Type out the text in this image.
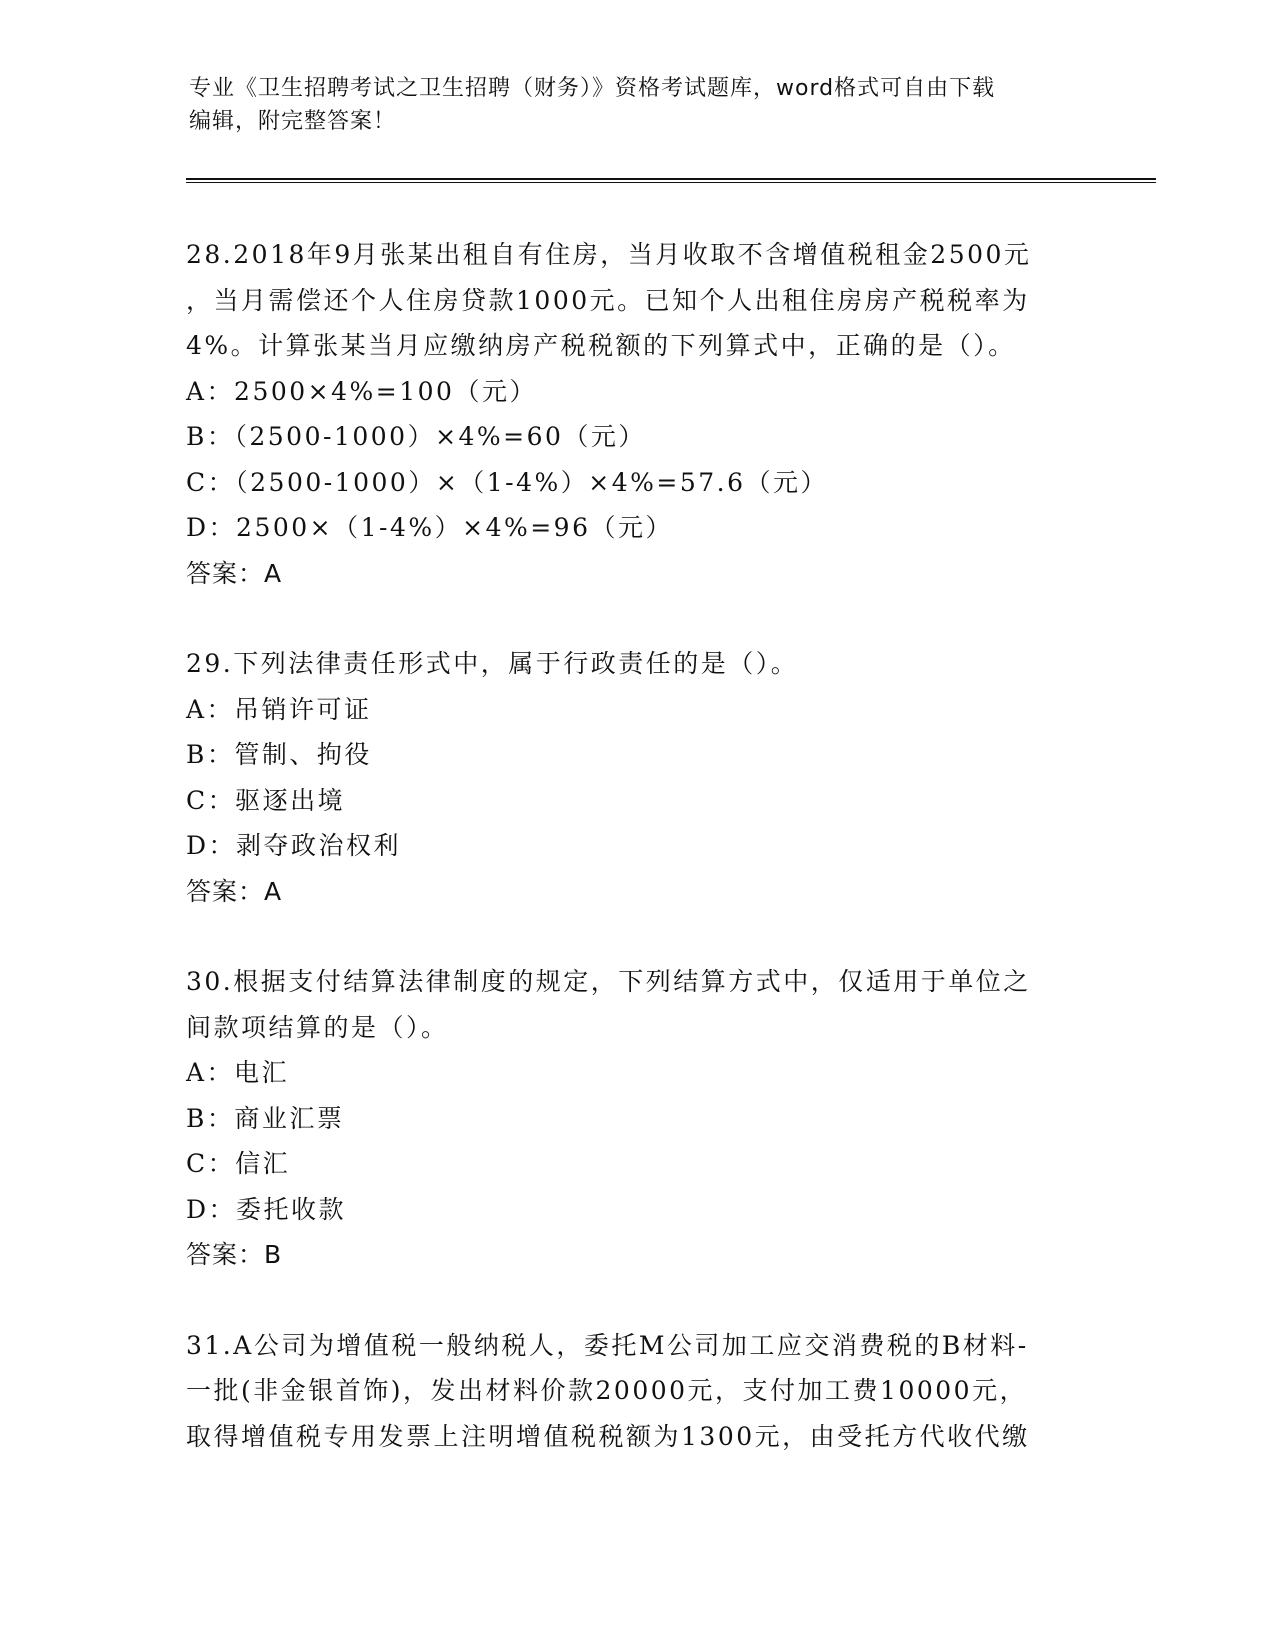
专业《卫生招聘考试之卫生招聘（财务）》资格考试题库，word格式可自由下载
编辑，附完整答案！
28.2018年9月张某出租自有住房，当月收取不含增值税租金2500元
，当月需偿还个人住房贷款1000元。已知个人出租住房房产税税率为
4%。计算张某当月应缴纳房产税税额的下列算式中，正确的是（）。
A：2500×4%=100（元）
B：（2500-1000）×4%=60（元）
C：（2500-1000）×（1-4%）×4%=57.6（元）
D：2500×（1-4%）×4%=96（元）
答案：A
29.下列法律责任形式中，属于行政责任的是（）。
A：吊销许可证
B：管制、拘役
C：驱逐出境
D：剥夺政治权利
答案：A
30.根据支付结算法律制度的规定，下列结算方式中，仅适用于单位之
间款项结算的是（）。
A：电汇
B：商业汇票
C：信汇
D：委托收款
答案：B
31.A公司为增值税一般纳税人，委托M公司加工应交消费税的B材料-
一批(非金银首饰)，发出材料价款20000元，支付加工费10000元，
取得增值税专用发票上注明增值税税额为1300元，由受托方代收代缴
